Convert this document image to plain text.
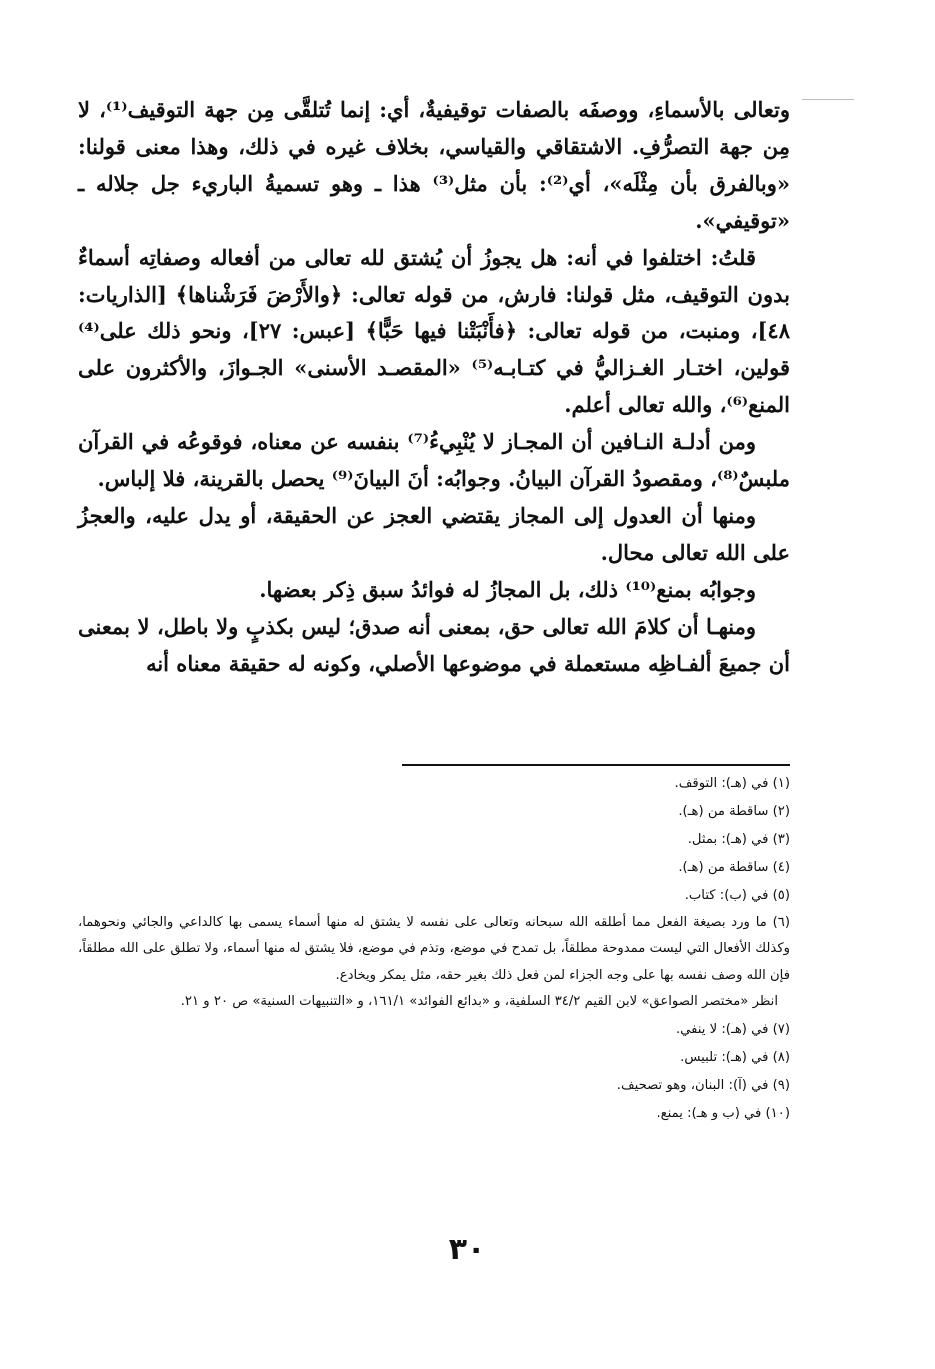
وتعالى بالأسماءِ، ووصفَه بالصفات توقيفيةٌ، أي: إنما تُتلقَّى مِن جهة التوقيف⁽¹⁾، لا مِن جهة التصرُّفِ. الاشتقاقي والقياسي، بخلاف غيره في ذلك، وهذا معنى قولنا: «وبالفرق بأن مِثْلَه»، أي⁽²⁾: بأن مثل⁽³⁾ هذا ـ وهو تسميةُ الباريء جل جلاله ـ «توقيفي».

قلتُ: اختلفوا في أنه: هل يجوزُ أن يُشتق لله تعالى من أفعاله وصفاتِه أسماءٌ بدون التوقيف، مثل قولنا: فارش، من قوله تعالى: ﴿والأَرْضَ فَرَشْناها﴾ [الذاريات: ٤٨]، ومنبت، من قوله تعالى: ﴿فأَنْبَتْنا فيها حَبًّا﴾ [عبس: ٢٧]، ونحو ذلك على⁽⁴⁾ قولين، اختـار الغـزاليُّ في كتـابـه⁽⁵⁾ «المقصـد الأسنى» الجـوازَ، والأكثرون على المنع⁽⁶⁾، والله تعالى أعلم.

ومن أدلـة النـافين أن المجـاز لا يُنْبِيءُ⁽⁷⁾ بنفسه عن معناه، فوقوعُه في القرآن ملبسٌ⁽⁸⁾، ومقصودُ القرآن البيانُ. وجوابُه: أنَ البيانَ⁽⁹⁾ يحصل بالقرينة، فلا إلباس.

ومنها أن العدول إلى المجاز يقتضي العجز عن الحقيقة، أو يدل عليه، والعجزُ على الله تعالى محال.

وجوابُه بمنع⁽¹⁰⁾ ذلك، بل المجازُ له فوائدُ سبق ذِكر بعضها.

ومنهـا أن كلامَ الله تعالى حق، بمعنى أنه صدق؛ ليس بكذبٍ ولا باطل، لا بمعنى أن جميعَ ألفـاظِه مستعملة في موضوعها الأصلي، وكونه له حقيقة معناه أنه

(١) في (هـ): التوقف.

(٢) ساقطة من (هـ).

(٣) في (هـ): بمثل.

(٤) ساقطة من (هـ).

(٥) في (ب): كتاب.

(٦) ما ورد بصيغة الفعل مما أطلقه الله سبحانه وتعالى على نفسه لا يشتق له منها أسماء يسمى بها كالداعي والجائي ونحوهما، وكذلك الأفعال التي ليست ممدوحة مطلقاً، بل تمدح في موضع، وتذم في موضع، فلا يشتق له منها أسماء، ولا تطلق على الله مطلقاً، فإن الله وصف نفسه بها على وجه الجزاء لمن فعل ذلك بغير حقه، مثل يمكر ويخادع.

انظر «مختصر الصواعق» لابن القيم ٣٤/٢ السلفية، و «بدائع الفوائد» ١٦١/١، و «التنبيهات السنية» ص ٢٠ و ٢١.

(٧) في (هـ): لا ينفي.

(٨) في (هـ): تلبيس.

(٩) في (آ): البنان، وهو تصحيف.

(١٠) في (ب و هـ): يمنع.

٣٠
